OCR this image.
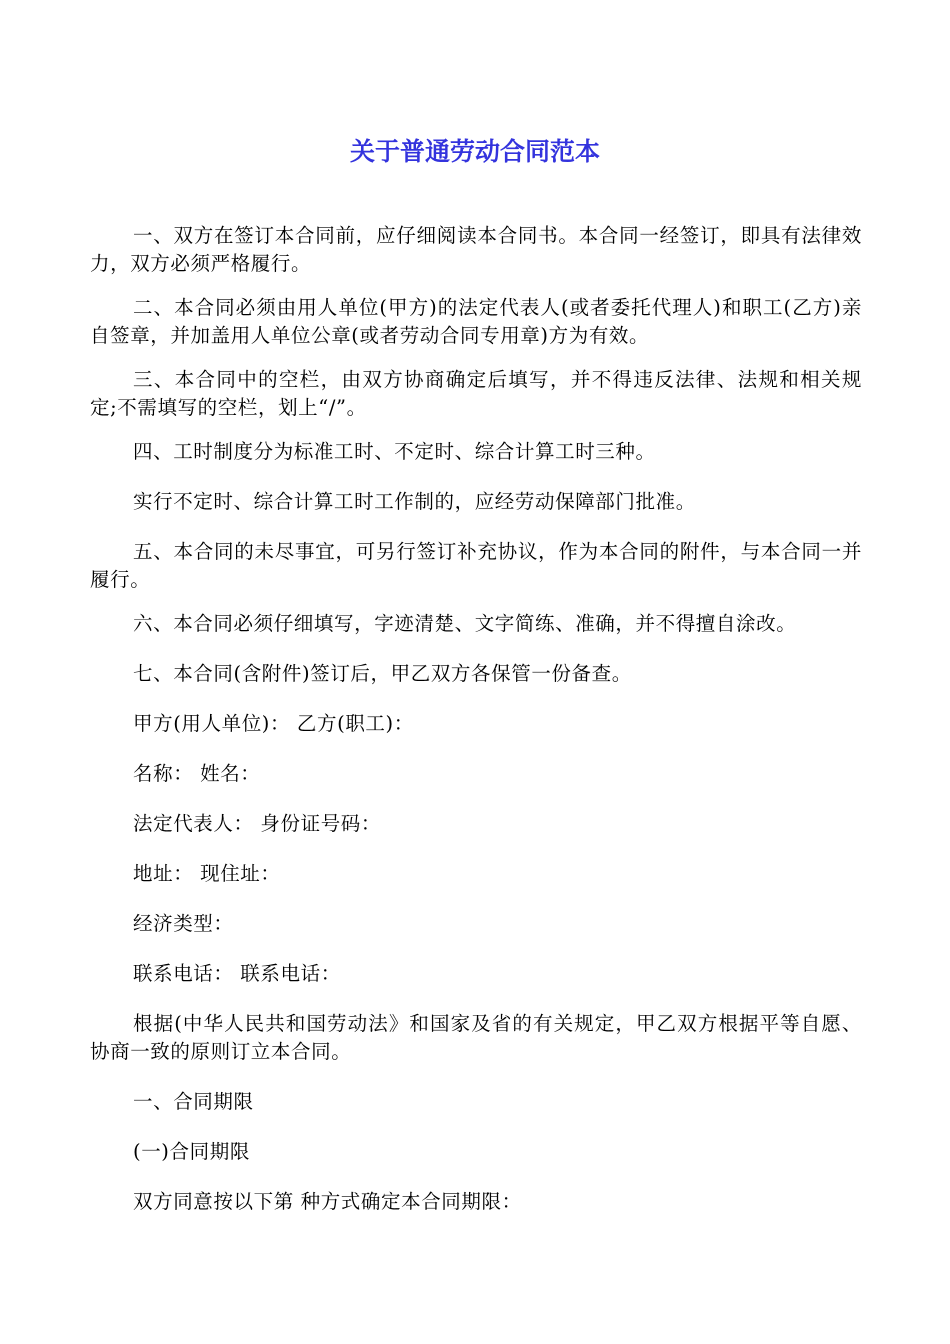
关于普通劳动合同范本

一、双方在签订本合同前，应仔细阅读本合同书。本合同一经签订，即具有法律效力，双方必须严格履行。

二、本合同必须由用人单位(甲方)的法定代表人(或者委托代理人)和职工(乙方)亲自签章，并加盖用人单位公章(或者劳动合同专用章)方为有效。

三、本合同中的空栏，由双方协商确定后填写，并不得违反法律、法规和相关规定;不需填写的空栏，划上“/”。

四、工时制度分为标准工时、不定时、综合计算工时三种。

实行不定时、综合计算工时工作制的，应经劳动保障部门批准。

五、本合同的未尽事宜，可另行签订补充协议，作为本合同的附件，与本合同一并履行。

六、本合同必须仔细填写，字迹清楚、文字简练、准确，并不得擅自涂改。

七、本合同(含附件)签订后，甲乙双方各保管一份备查。

甲方(用人单位)： 乙方(职工)：

名称： 姓名：

法定代表人： 身份证号码：

地址： 现住址：

经济类型：

联系电话： 联系电话：

根据(中华人民共和国劳动法》和国家及省的有关规定，甲乙双方根据平等自愿、协商一致的原则订立本合同。

一、合同期限

(一)合同期限

双方同意按以下第 种方式确定本合同期限：
